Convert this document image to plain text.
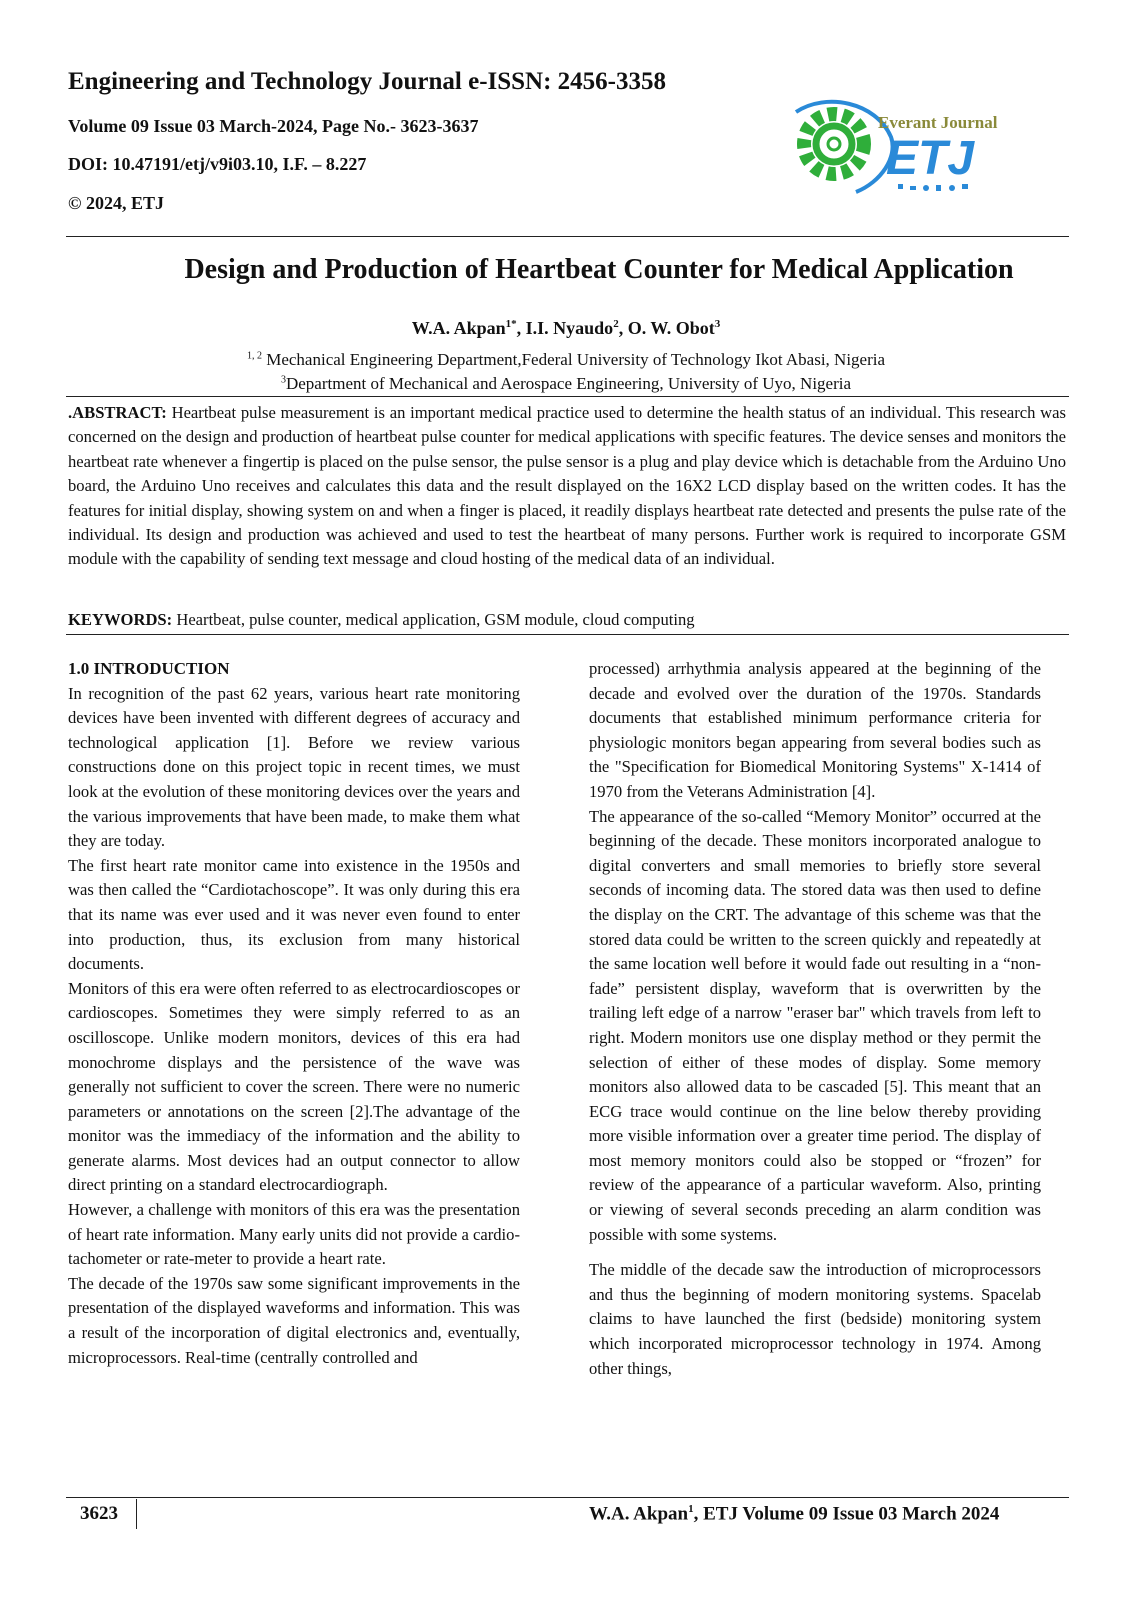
Engineering and Technology Journal e-ISSN: 2456-3358
Volume 09 Issue 03 March-2024, Page No.- 3623-3637
DOI: 10.47191/etj/v9i03.10, I.F. – 8.227
© 2024, ETJ
Everant Journal
ETJ
Design and Production of Heartbeat Counter for Medical Application
W.A. Akpan$^{1*}$, I.I. Nyaudo$^2$, O. W. Obot$^3$
$^{1, 2}$ Mechanical Engineering Department,Federal University of Technology Ikot Abasi, Nigeria
$^3$Department of Mechanical and Aerospace Engineering, University of Uyo, Nigeria

.ABSTRACT: Heartbeat pulse measurement is an important medical practice used to determine the health status of an individual. This research was concerned on the design and production of heartbeat pulse counter for medical applications with specific features. The device senses and monitors the heartbeat rate whenever a fingertip is placed on the pulse sensor, the pulse sensor is a plug and play device which is detachable from the Arduino Uno board, the Arduino Uno receives and calculates this data and the result displayed on the 16X2 LCD display based on the written codes. It has the features for initial display, showing system on and when a finger is placed, it readily displays heartbeat rate detected and presents the pulse rate of the individual. Its design and production was achieved and used to test the heartbeat of many persons. Further work is required to incorporate GSM module with the capability of sending text message and cloud hosting of the medical data of an individual.

KEYWORDS: Heartbeat, pulse counter, medical application, GSM module, cloud computing

1.0 INTRODUCTION

In recognition of the past 62 years, various heart rate monitoring devices have been invented with different degrees of accuracy and technological application [1]. Before we review various constructions done on this project topic in recent times, we must look at the evolution of these monitoring devices over the years and the various improvements that have been made, to make them what they are today.

The first heart rate monitor came into existence in the 1950s and was then called the “Cardiotachoscope”. It was only during this era that its name was ever used and it was never even found to enter into production, thus, its exclusion from many historical documents.

Monitors of this era were often referred to as electrocardioscopes or cardioscopes. Sometimes they were simply referred to as an oscilloscope. Unlike modern monitors, devices of this era had monochrome displays and the persistence of the wave was generally not sufficient to cover the screen. There were no numeric parameters or annotations on the screen [2].The advantage of the monitor was the immediacy of the information and the ability to generate alarms. Most devices had an output connector to allow direct printing on a standard electrocardiograph.

However, a challenge with monitors of this era was the presentation of heart rate information. Many early units did not provide a cardio-tachometer or rate-meter to provide a heart rate.

The decade of the 1970s saw some significant improvements in the presentation of the displayed waveforms and information. This was a result of the incorporation of digital electronics and, eventually, microprocessors. Real-time (centrally controlled and

processed) arrhythmia analysis appeared at the beginning of the decade and evolved over the duration of the 1970s. Standards documents that established minimum performance criteria for physiologic monitors began appearing from several bodies such as the "Specification for Biomedical Monitoring Systems" X-1414 of 1970 from the Veterans Administration [4].

The appearance of the so-called “Memory Monitor” occurred at the beginning of the decade. These monitors incorporated analogue to digital converters and small memories to briefly store several seconds of incoming data. The stored data was then used to define the display on the CRT. The advantage of this scheme was that the stored data could be written to the screen quickly and repeatedly at the same location well before it would fade out resulting in a “non-fade” persistent display, waveform that is overwritten by the trailing left edge of a narrow "eraser bar" which travels from left to right. Modern monitors use one display method or they permit the selection of either of these modes of display. Some memory monitors also allowed data to be cascaded [5]. This meant that an ECG trace would continue on the line below thereby providing more visible information over a greater time period. The display of most memory monitors could also be stopped or “frozen” for review of the appearance of a particular waveform. Also, printing or viewing of several seconds preceding an alarm condition was possible with some systems.

The middle of the decade saw the introduction of microprocessors and thus the beginning of modern monitoring systems. Spacelab claims to have launched the first (bedside) monitoring system which incorporated microprocessor technology in 1974. Among other things,

3623	W.A. Akpan$^1$, ETJ Volume 09 Issue 03 March 2024
